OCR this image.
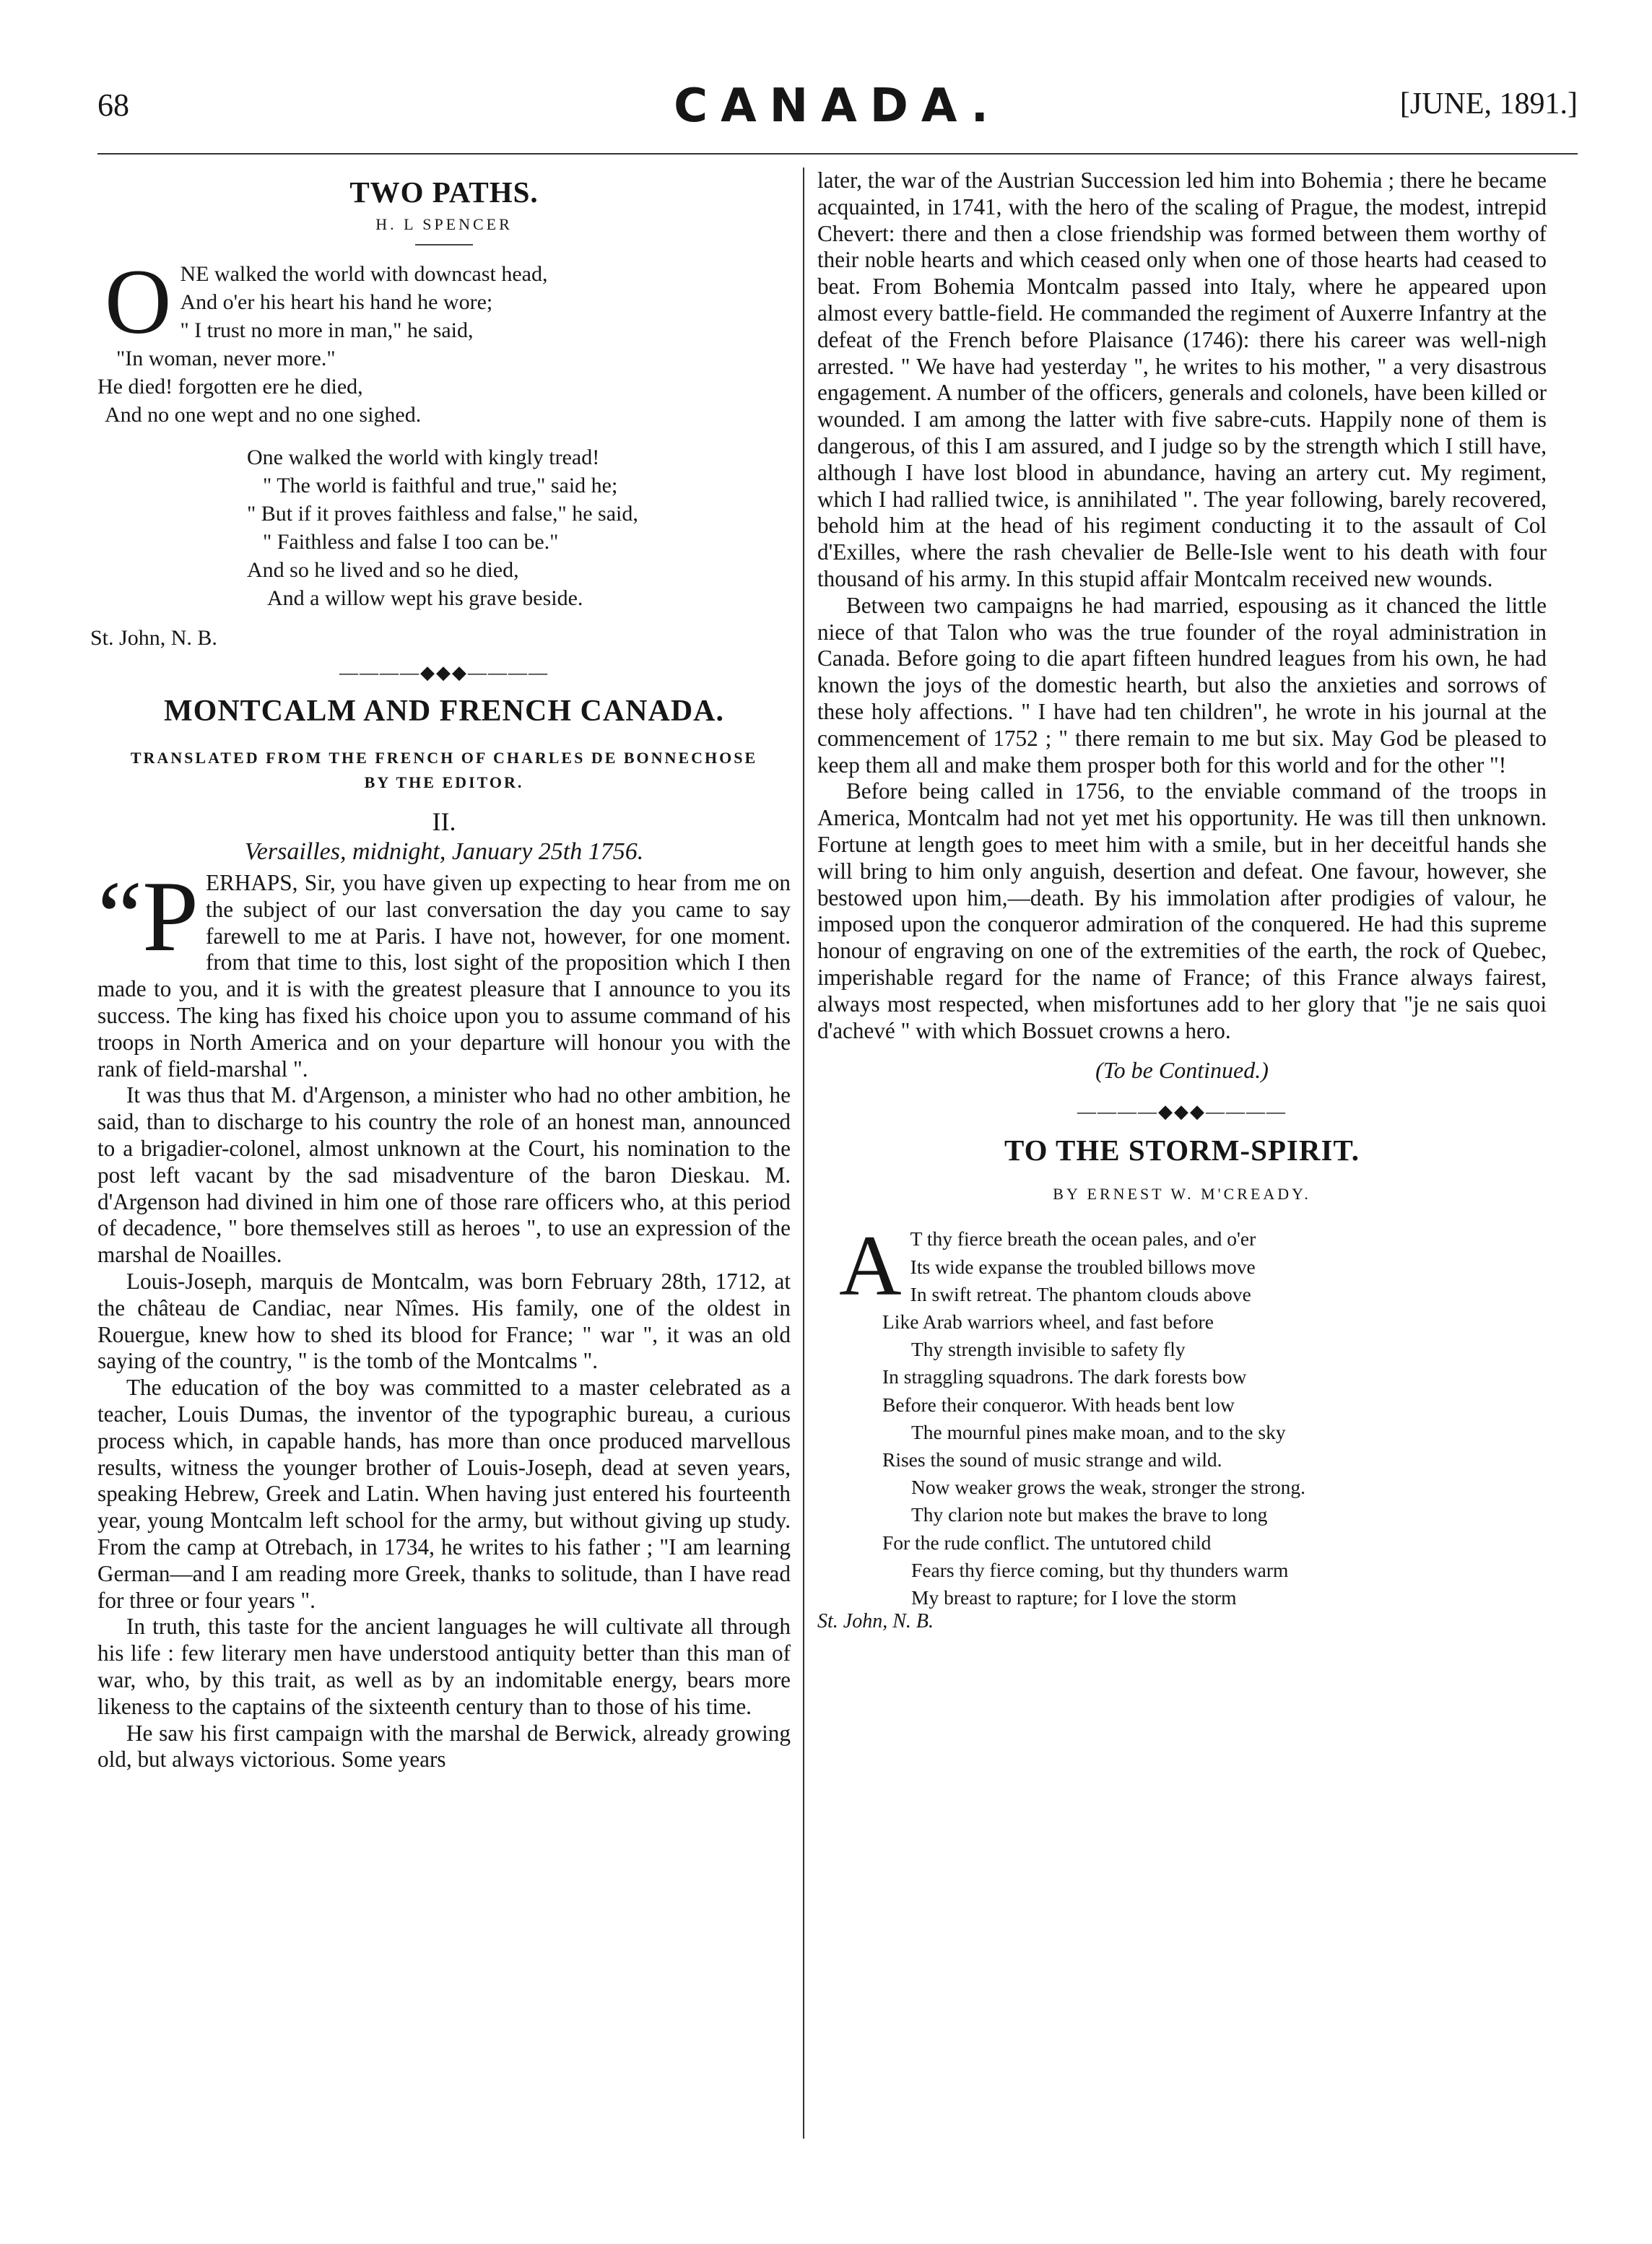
68	CANADA.	[JUNE, 1891.]
TWO PATHS.
H. L SPENCER
O NE walked the world with downcast head,
And o'er his heart his hand he wore;
" I trust no more in man," he said,
"In woman, never more."
He died! forgotten ere he died,
And no one wept and no one sighed.
One walked the world with kingly tread!
" The world is faithful and true," said he;
" But if it proves faithless and false," he said,
" Faithless and false I too can be."
And so he lived and so he died,
And a willow wept his grave beside.
St. John, N. B.
――――◆◆◆――――
MONTCALM AND FRENCH CANADA.
TRANSLATED FROM THE FRENCH OF CHARLES DE BONNECHOSE
BY THE EDITOR.
II.
Versailles, midnight, January 25th 1756.

“PERHAPS, Sir, you have given up expecting to hear from me on the subject of our last conversation the day you came to say farewell to me at Paris. I have not, however, for one moment. from that time to this, lost sight of the proposition which I then made to you, and it is with the greatest pleasure that I announce to you its success. The king has fixed his choice upon you to assume command of his troops in North America and on your departure will honour you with the rank of field-marshal ".

It was thus that M. d'Argenson, a minister who had no other ambition, he said, than to discharge to his country the role of an honest man, announced to a brigadier-colonel, almost unknown at the Court, his nomination to the post left vacant by the sad misadventure of the baron Dieskau. M. d'Argenson had divined in him one of those rare officers who, at this period of decadence, " bore themselves still as heroes ", to use an expression of the marshal de Noailles.

Louis-Joseph, marquis de Montcalm, was born February 28th, 1712, at the château de Candiac, near Nîmes. His family, one of the oldest in Rouergue, knew how to shed its blood for France; " war ", it was an old saying of the country, " is the tomb of the Montcalms ".

The education of the boy was committed to a master celebrated as a teacher, Louis Dumas, the inventor of the typographic bureau, a curious process which, in capable hands, has more than once produced marvellous results, witness the younger brother of Louis-Joseph, dead at seven years, speaking Hebrew, Greek and Latin. When having just entered his fourteenth year, young Montcalm left school for the army, but without giving up study. From the camp at Otrebach, in 1734, he writes to his father ; "I am learning German—and I am reading more Greek, thanks to solitude, than I have read for three or four years ".

In truth, this taste for the ancient languages he will cultivate all through his life : few literary men have understood antiquity better than this man of war, who, by this trait, as well as by an indomitable energy, bears more likeness to the captains of the sixteenth century than to those of his time.

He saw his first campaign with the marshal de Berwick, already growing old, but always victorious. Some years

later, the war of the Austrian Succession led him into Bohemia ; there he became acquainted, in 1741, with the hero of the scaling of Prague, the modest, intrepid Chevert: there and then a close friendship was formed between them worthy of their noble hearts and which ceased only when one of those hearts had ceased to beat. From Bohemia Montcalm passed into Italy, where he appeared upon almost every battle-field. He commanded the regiment of Auxerre Infantry at the defeat of the French before Plaisance (1746): there his career was well-nigh arrested. " We have had yesterday ", he writes to his mother, " a very disastrous engagement. A number of the officers, generals and colonels, have been killed or wounded. I am among the latter with five sabre-cuts. Happily none of them is dangerous, of this I am assured, and I judge so by the strength which I still have, although I have lost blood in abundance, having an artery cut. My regiment, which I had rallied twice, is annihilated ". The year following, barely recovered, behold him at the head of his regiment conducting it to the assault of Col d'Exilles, where the rash chevalier de Belle-Isle went to his death with four thousand of his army. In this stupid affair Montcalm received new wounds.

Between two campaigns he had married, espousing as it chanced the little niece of that Talon who was the true founder of the royal administration in Canada. Before going to die apart fifteen hundred leagues from his own, he had known the joys of the domestic hearth, but also the anxieties and sorrows of these holy affections. " I have had ten children", he wrote in his journal at the commencement of 1752 ; " there remain to me but six. May God be pleased to keep them all and make them prosper both for this world and for the other "!

Before being called in 1756, to the enviable command of the troops in America, Montcalm had not yet met his opportunity. He was till then unknown. Fortune at length goes to meet him with a smile, but in her deceitful hands she will bring to him only anguish, desertion and defeat. One favour, however, she bestowed upon him,—death. By his immolation after prodigies of valour, he imposed upon the conqueror admiration of the conquered. He had this supreme honour of engraving on one of the extremities of the earth, the rock of Quebec, imperishable regard for the name of France; of this France always fairest, always most respected, when misfortunes add to her glory that "je ne sais quoi d'achevé " with which Bossuet crowns a hero.

(To be Continued.)
――――◆◆◆――――
TO THE STORM-SPIRIT.
BY ERNEST W. M'CREADY.
A T thy fierce breath the ocean pales, and o'er
Its wide expanse the troubled billows move
In swift retreat. The phantom clouds above
Like Arab warriors wheel, and fast before
Thy strength invisible to safety fly
In straggling squadrons. The dark forests bow
Before their conqueror. With heads bent low
The mournful pines make moan, and to the sky
Rises the sound of music strange and wild.
Now weaker grows the weak, stronger the strong.
Thy clarion note but makes the brave to long
For the rude conflict. The untutored child
Fears thy fierce coming, but thy thunders warm
My breast to rapture; for I love the storm
St. John, N. B.
